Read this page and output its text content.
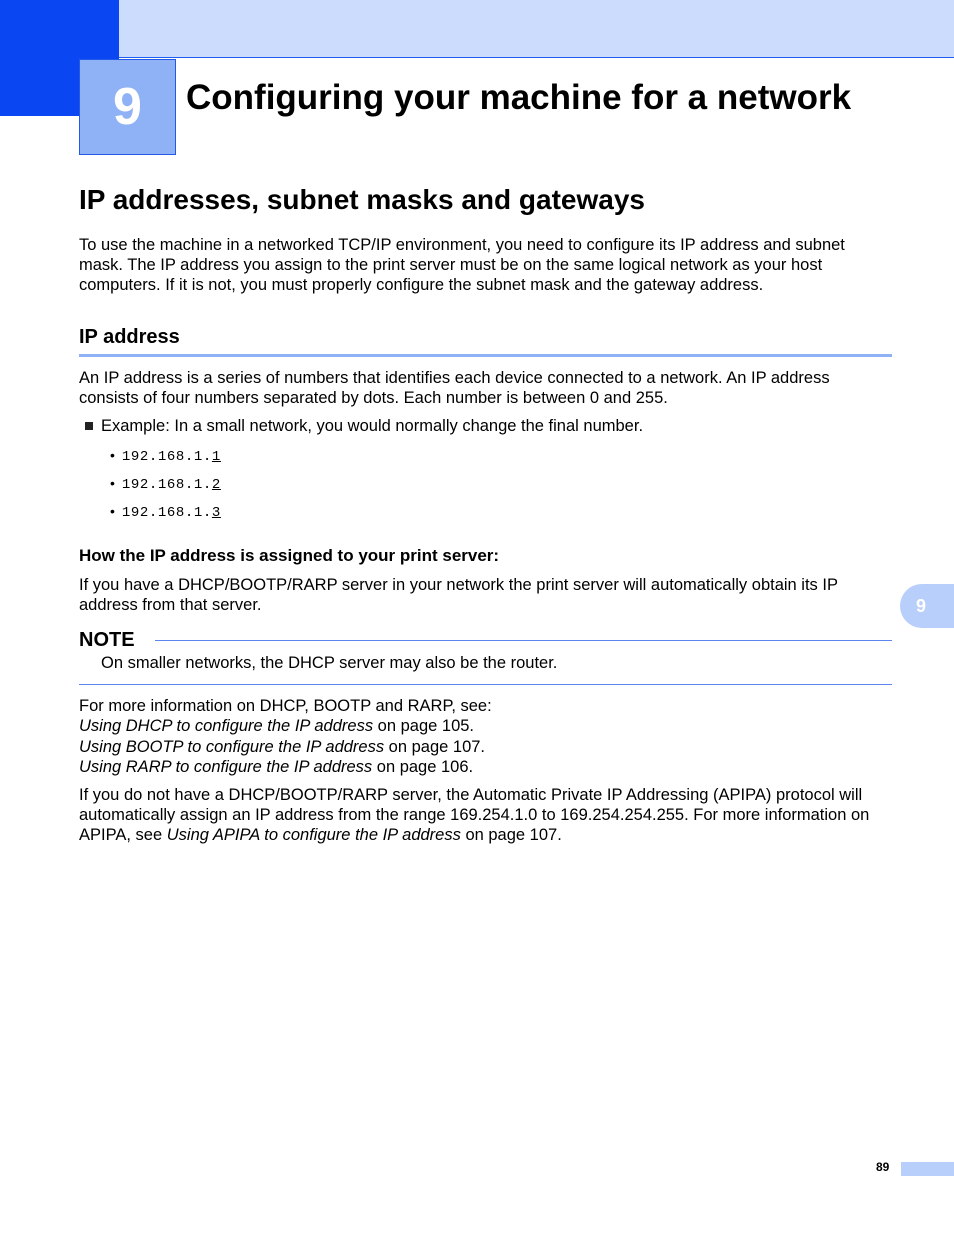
9 Configuring your machine for a network
IP addresses, subnet masks and gateways
To use the machine in a networked TCP/IP environment, you need to configure its IP address and subnet mask. The IP address you assign to the print server must be on the same logical network as your host computers. If it is not, you must properly configure the subnet mask and the gateway address.
IP address
An IP address is a series of numbers that identifies each device connected to a network. An IP address consists of four numbers separated by dots. Each number is between 0 and 255.
Example: In a small network, you would normally change the final number.
• 192.168.1.1
• 192.168.1.2
• 192.168.1.3
How the IP address is assigned to your print server:
If you have a DHCP/BOOTP/RARP server in your network the print server will automatically obtain its IP address from that server.
NOTE
On smaller networks, the DHCP server may also be the router.
For more information on DHCP, BOOTP and RARP, see:
Using DHCP to configure the IP address on page 105.
Using BOOTP to configure the IP address on page 107.
Using RARP to configure the IP address on page 106.
If you do not have a DHCP/BOOTP/RARP server, the Automatic Private IP Addressing (APIPA) protocol will
automatically assign an IP address from the range 169.254.1.0 to 169.254.254.255. For more information on
APIPA, see Using APIPA to configure the IP address on page 107.
9
89
